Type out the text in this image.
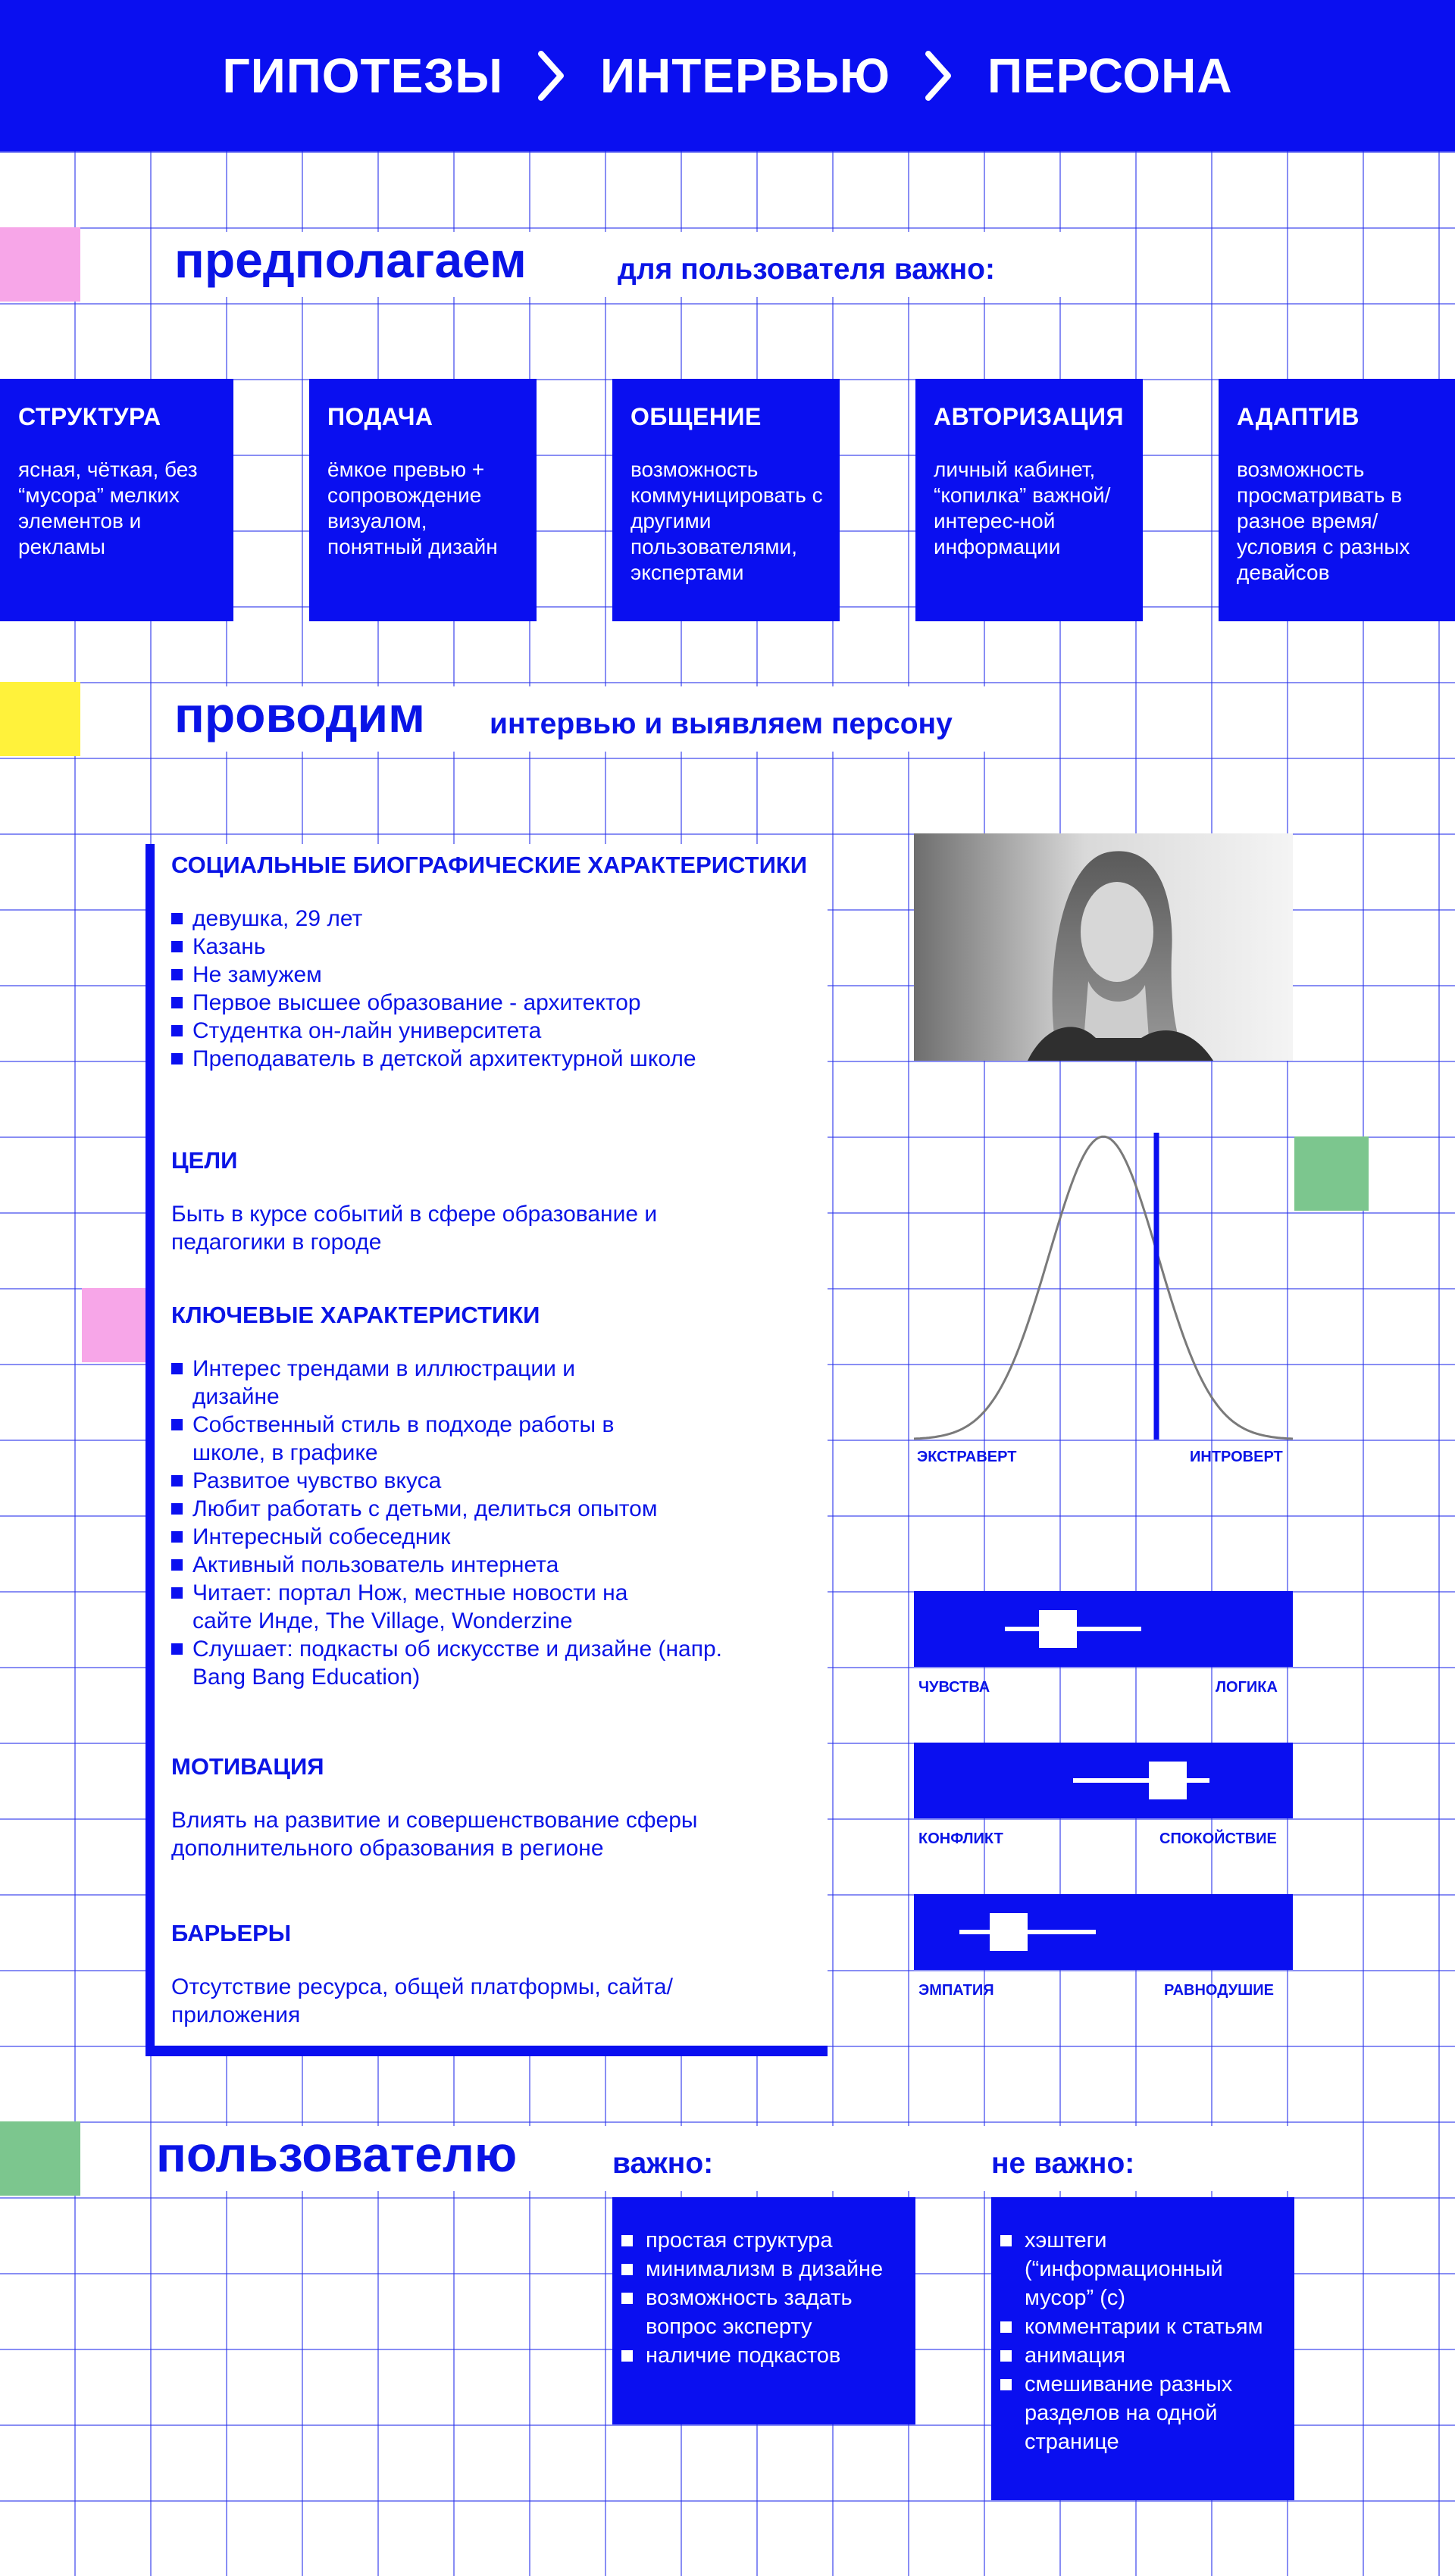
ГИПОТЕЗЫ ИНТЕРВЬЮ ПЕРСОНА
предполагаем	для пользователя важно:
СТРУКТУРА

ясная, чёткая, без “мусора” мелких элементов и рекламы

ПОДАЧА

ёмкое превью + сопровождение визуалом, понятный дизайн

ОБЩЕНИЕ

возможность коммуницировать с другими пользователями, экспертами

АВТОРИЗАЦИЯ

личный кабинет, “копилка” важной/интерес-ной информации

АДАПТИВ

возможность просматривать в разное время/условия с разных девайсов

проводим интервью и выявляем персону
СОЦИАЛЬНЫЕ БИОГРАФИЧЕСКИЕ ХАРАКТЕРИСТИКИ
девушка, 29 лет
Казань
Не замужем
Первое высшее образование - архитектор
Студентка он-лайн университета
Преподаватель в детской архитектурной школе
ЦЕЛИ

Быть в курсе событий в сфере образование и педагогики в городе

КЛЮЧЕВЫЕ ХАРАКТЕРИСТИКИ
Интерес трендами в иллюстрации и дизайне
Собственный стиль в подходе работы в школе, в графике
Развитое чувство вкуса
Любит работать с детьми, делиться опытом
Интересный собеседник
Активный пользователь интернета
Читает: портал Нож, местные новости на сайте Инде, The Village, Wonderzine
Слушает: подкасты об искусстве и дизайне (напр. Bang Bang Education)
МОТИВАЦИЯ

Влиять на развитие и совершенствование сферы дополнительного образования в регионе

БАРЬЕРЫ

Отсутствие ресурса, общей платформы, сайта/приложения

ЭКСТРАВЕРТ	ИНТРОВЕРТ
ЧУВСТВА	ЛОГИКА
КОНФЛИКТ	СПОКОЙСТВИЕ
ЭМПАТИЯ	РАВНОДУШИЕ
пользователю	важно:	не важно:
простая структура
минимализм в дизайне
возможность задать вопрос эксперту
наличие подкастов
хэштеги (“информационный мусор” (с)
комментарии к статьям
анимация
смешивание разных разделов на одной странице
